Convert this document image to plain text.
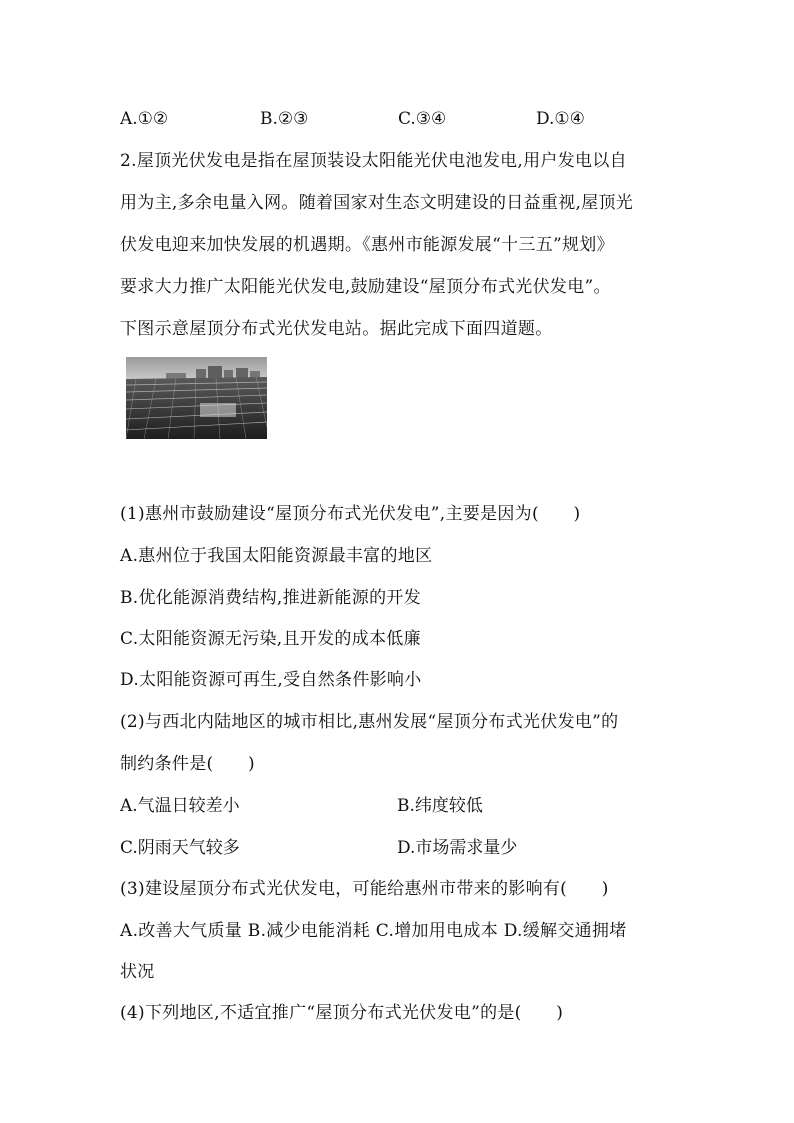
A.①②	B.②③	C.③④	D.①④
2.屋顶光伏发电是指在屋顶装设太阳能光伏电池发电,用户发电以自
用为主,多余电量入网。随着国家对生态文明建设的日益重视,屋顶光
伏发电迎来加快发展的机遇期。《惠州市能源发展“十三五”规划》
要求大力推广太阳能光伏发电,鼓励建设“屋顶分布式光伏发电”。
下图示意屋顶分布式光伏发电站。据此完成下面四道题。
(1)惠州市鼓励建设“屋顶分布式光伏发电”,主要是因为(　　)
A.惠州位于我国太阳能资源最丰富的地区
B.优化能源消费结构,推进新能源的开发
C.太阳能资源无污染,且开发的成本低廉
D.太阳能资源可再生,受自然条件影响小
(2)与西北内陆地区的城市相比,惠州发展“屋顶分布式光伏发电”的
制约条件是(　　)
A.气温日较差小	B.纬度较低
C.阴雨天气较多	D.市场需求量少
(3)建设屋顶分布式光伏发电，可能给惠州市带来的影响有(　　)
A.改善大气质量 B.减少电能消耗 C.增加用电成本 D.缓解交通拥堵
状况
(4)下列地区,不适宜推广“屋顶分布式光伏发电”的是(　　)
